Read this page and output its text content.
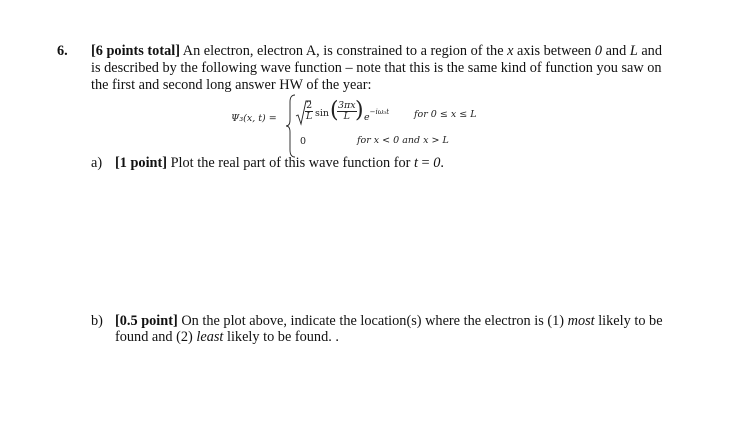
6. [6 points total] An electron, electron A, is constrained to a region of the x axis between 0 and L and
is described by the following wave function – note that this is the same kind of function you saw on
the first and second long answer HW of the year:
Ψ₃(x, t) =	$\frac{2}{L}$ sin (
$\frac{3\pi x}{L}$
) $e^{-i\omega_3t}$	for 0 ≤ x ≤ L
0	for x < 0 and x > L
a) [1 point] Plot the real part of this wave function for t = 0.
b) [0.5 point] On the plot above, indicate the location(s) where the electron is (1) most likely to be
found and (2) least likely to be found. .
